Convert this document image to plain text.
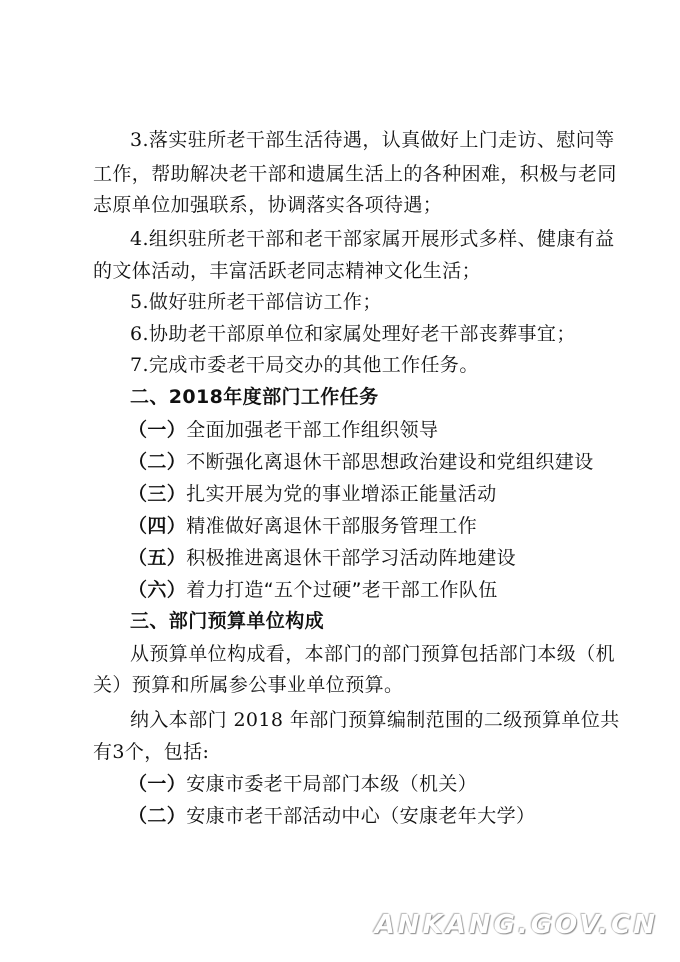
3.落实驻所老干部生活待遇，认真做好上门走访、慰问等
工作，帮助解决老干部和遗属生活上的各种困难，积极与老同
志原单位加强联系，协调落实各项待遇；
4.组织驻所老干部和老干部家属开展形式多样、健康有益
的文体活动，丰富活跃老同志精神文化生活；
5.做好驻所老干部信访工作；
6.协助老干部原单位和家属处理好老干部丧葬事宜；
7.完成市委老干局交办的其他工作任务。
二、2018年度部门工作任务
（一）全面加强老干部工作组织领导
（二）不断强化离退休干部思想政治建设和党组织建设
（三）扎实开展为党的事业增添正能量活动
（四）精准做好离退休干部服务管理工作
（五）积极推进离退休干部学习活动阵地建设
（六）着力打造“五个过硬”老干部工作队伍
三、部门预算单位构成
从预算单位构成看，本部门的部门预算包括部门本级（机
关）预算和所属参公事业单位预算。
纳入本部门 2018 年部门预算编制范围的二级预算单位共
有3个，包括:
（一）安康市委老干局部门本级（机关）
（二）安康市老干部活动中心（安康老年大学）
ANKANG.GOV.CN
